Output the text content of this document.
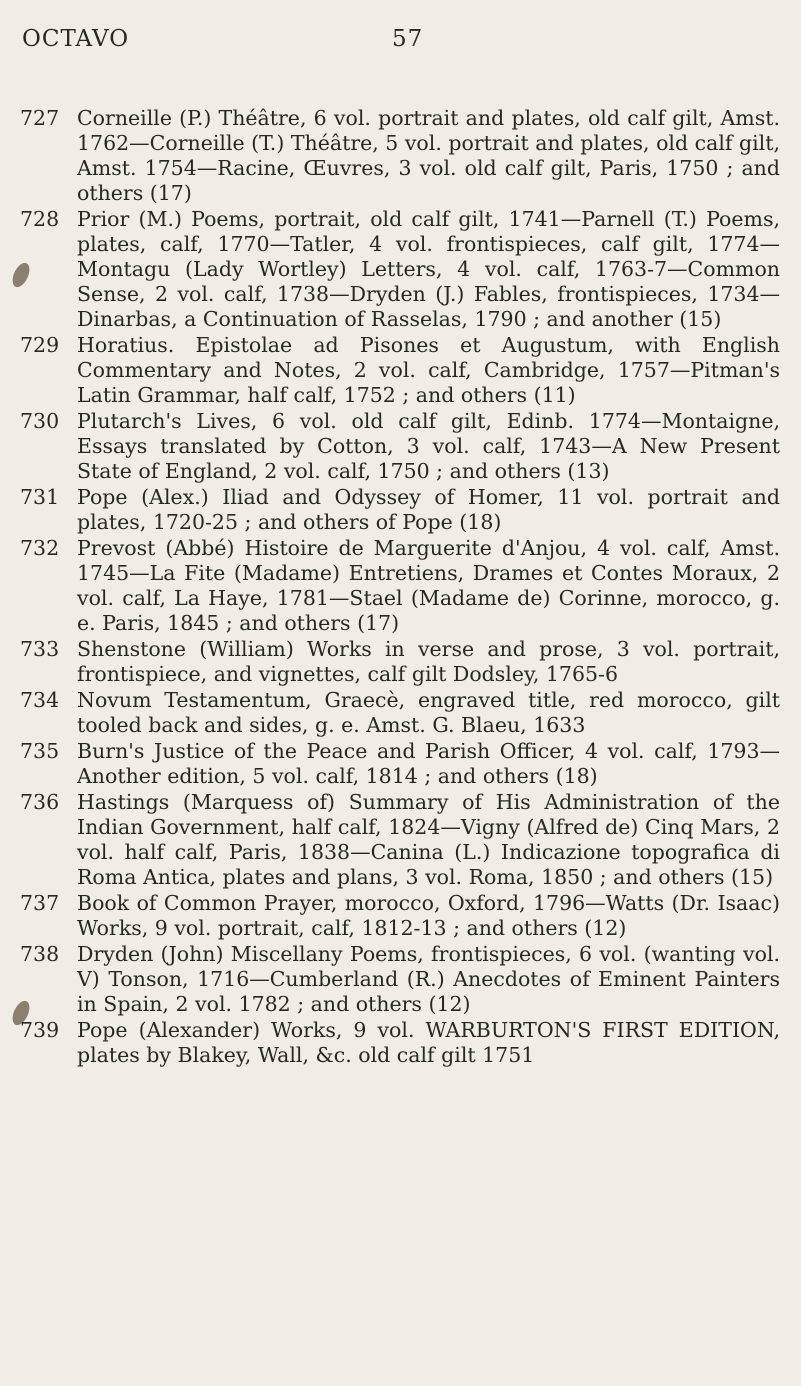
OCTAVO	57
727 Corneille (P.) Théâtre, 6 vol. portrait and plates, old calf gilt, Amst. 1762—Corneille (T.) Théâtre, 5 vol. portrait and plates, old calf gilt, Amst. 1754—Racine, Œuvres, 3 vol. old calf gilt, Paris, 1750 ; and others (17)
728 Prior (M.) Poems, portrait, old calf gilt, 1741—Parnell (T.) Poems, plates, calf, 1770—Tatler, 4 vol. frontispieces, calf gilt, 1774—Montagu (Lady Wortley) Letters, 4 vol. calf, 1763-7—Common Sense, 2 vol. calf, 1738—Dryden (J.) Fables, frontispieces, 1734—Dinarbas, a Continuation of Rasselas, 1790 ; and another (15)
729 Horatius. Epistolae ad Pisones et Augustum, with English Commentary and Notes, 2 vol. calf, Cambridge, 1757—Pitman's Latin Grammar, half calf, 1752 ; and others (11)
730 Plutarch's Lives, 6 vol. old calf gilt, Edinb. 1774—Montaigne, Essays translated by Cotton, 3 vol. calf, 1743—A New Present State of England, 2 vol. calf, 1750 ; and others (13)
731 Pope (Alex.) Iliad and Odyssey of Homer, 11 vol. portrait and plates, 1720-25 ; and others of Pope (18)
732 Prevost (Abbé) Histoire de Marguerite d'Anjou, 4 vol. calf, Amst. 1745—La Fite (Madame) Entretiens, Drames et Contes Moraux, 2 vol. calf, La Haye, 1781—Stael (Madame de) Corinne, morocco, g. e. Paris, 1845 ; and others (17)
733 Shenstone (William) Works in verse and prose, 3 vol. portrait, frontispiece, and vignettes, calf gilt Dodsley, 1765-6
734 Novum Testamentum, Graecè, engraved title, red morocco, gilt tooled back and sides, g. e. Amst. G. Blaeu, 1633
735 Burn's Justice of the Peace and Parish Officer, 4 vol. calf, 1793—Another edition, 5 vol. calf, 1814 ; and others (18)
736 Hastings (Marquess of) Summary of His Administration of the Indian Government, half calf, 1824—Vigny (Alfred de) Cinq Mars, 2 vol. half calf, Paris, 1838—Canina (L.) Indicazione topografica di Roma Antica, plates and plans, 3 vol. Roma, 1850 ; and others (15)
737 Book of Common Prayer, morocco, Oxford, 1796—Watts (Dr. Isaac) Works, 9 vol. portrait, calf, 1812-13 ; and others (12)
738 Dryden (John) Miscellany Poems, frontispieces, 6 vol. (wanting vol. V) Tonson, 1716—Cumberland (R.) Anecdotes of Eminent Painters in Spain, 2 vol. 1782 ; and others (12)
739 Pope (Alexander) Works, 9 vol. WARBURTON'S FIRST EDITION, plates by Blakey, Wall, &c. old calf gilt 1751
